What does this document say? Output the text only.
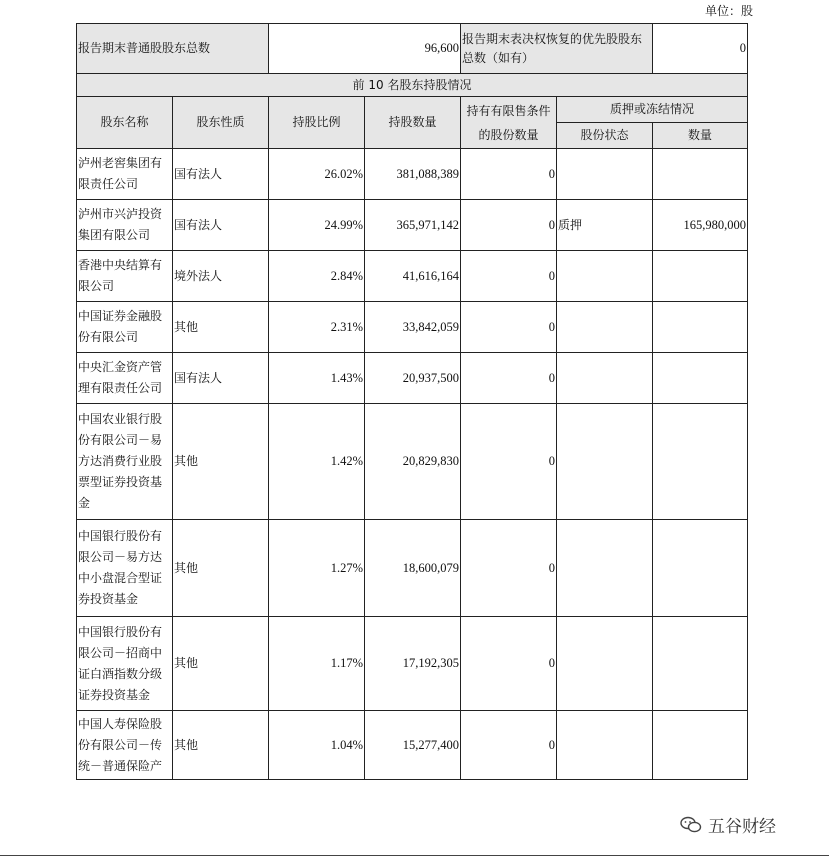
单位：股
报告期末普通股股东总数		96,600		报告期末表决权恢复的优先股股东总数（如有）		0
前 10 名股东持股情况						
股东名称	股东性质	持股比例	持股数量	持有有限售条件的股份数量	质押或冻结情况	
					股份状态	数量
泸州老窖集团有限责任公司	国有法人	26.02%	381,088,389	0		
泸州市兴泸投资集团有限公司	国有法人	24.99%	365,971,142	0	质押	165,980,000
香港中央结算有限公司	境外法人	2.84%	41,616,164	0		
中国证券金融股份有限公司	其他	2.31%	33,842,059	0		
中央汇金资产管理有限责任公司	国有法人	1.43%	20,937,500	0		
中国农业银行股份有限公司－易方达消费行业股票型证券投资基金	其他	1.42%	20,829,830	0		
中国银行股份有限公司－易方达中小盘混合型证券投资基金	其他	1.27%	18,600,079	0		
中国银行股份有限公司－招商中证白酒指数分级证券投资基金	其他	1.17%	17,192,305	0		
中国人寿保险股份有限公司－传统－普通保险产	其他	1.04%	15,277,400	0		
五谷财经
